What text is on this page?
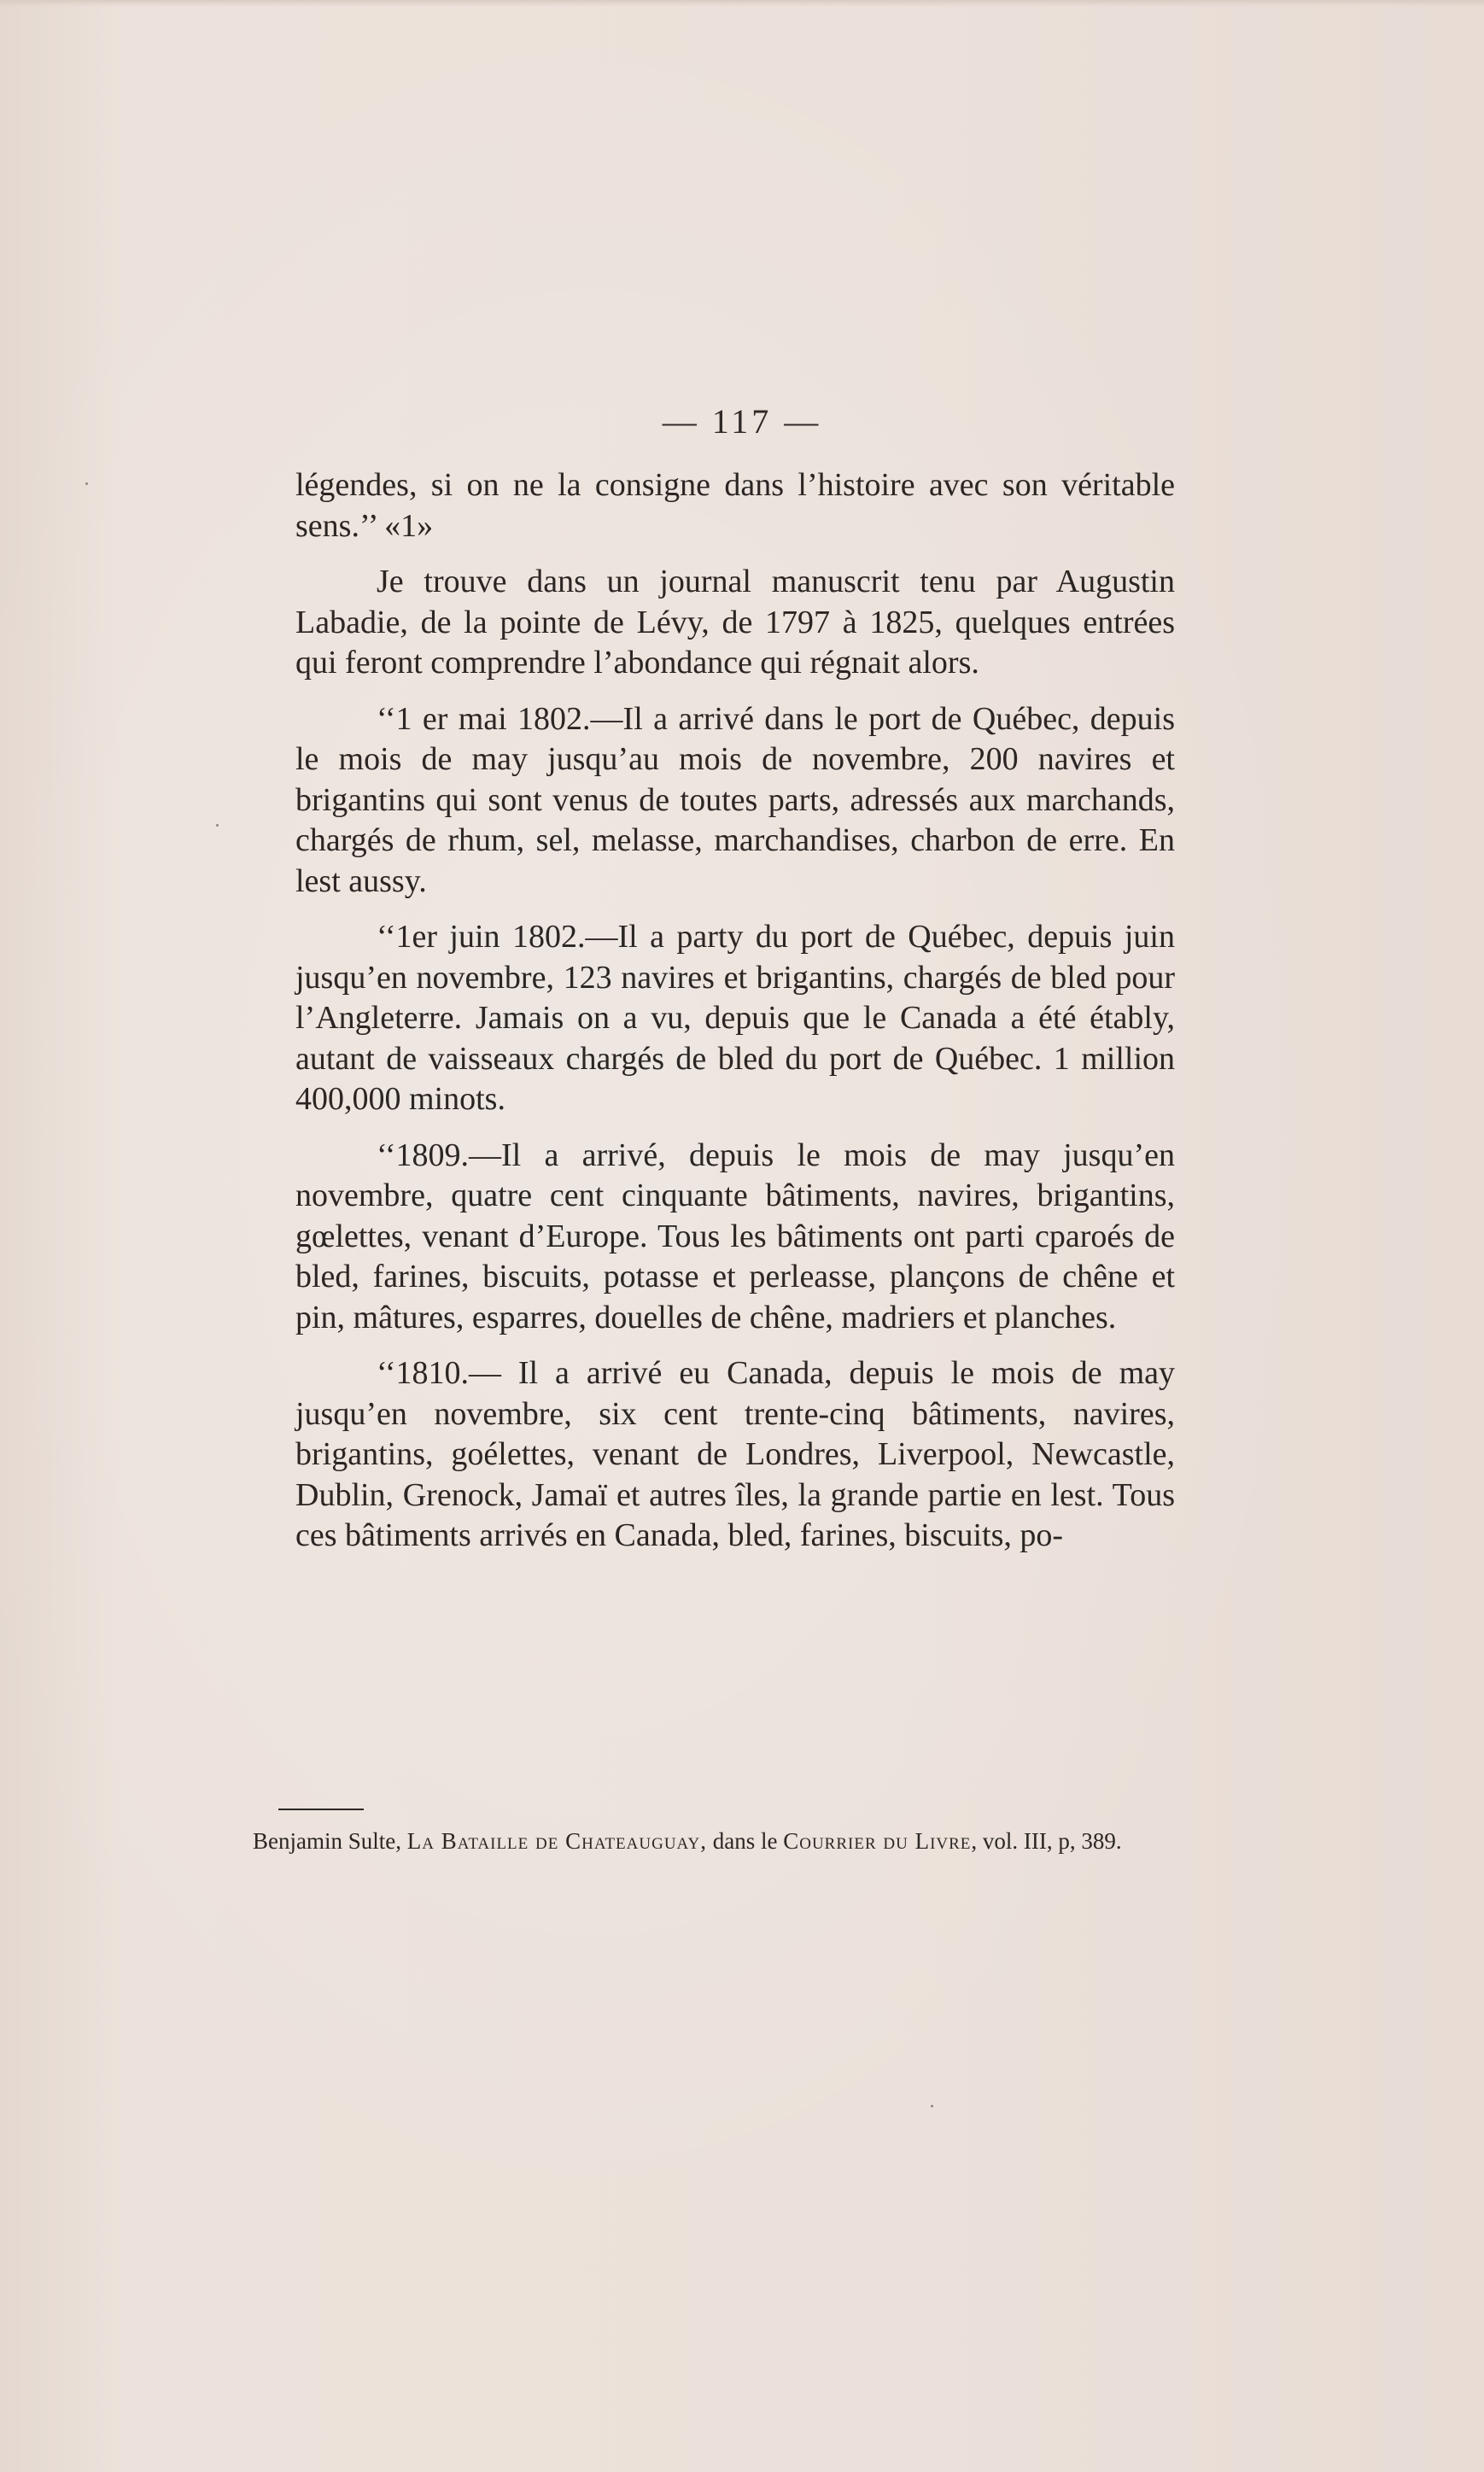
— 117 —

légendes, si on ne la consigne dans l’histoire avec son véritable sens.’’ «1»

Je trouve dans un journal manuscrit tenu par Augustin Labadie, de la pointe de Lévy, de 1797 à 1825, quelques entrées qui feront comprendre l’abondance qui régnait alors.

‘‘1 er mai 1802.—Il a arrivé dans le port de Québec, depuis le mois de may jusqu’au mois de novembre, 200 navires et brigantins qui sont venus de toutes parts, adressés aux marchands, chargés de rhum, sel, melasse, marchandises, charbon de erre. En lest aussy.

‘‘1er juin 1802.—Il a party du port de Québec, depuis juin jusqu’en novembre, 123 navires et brigantins, chargés de bled pour l’Angleterre. Jamais on a vu, depuis que le Canada a été étably, autant de vaisseaux chargés de bled du port de Québec. 1 million 400,000 minots.

‘‘1809.—Il a arrivé, depuis le mois de may jusqu’en novembre, quatre cent cinquante bâtiments, navires, brigantins, gœlettes, venant d’Europe. Tous les bâtiments ont parti cparoés de bled, farines, biscuits, potasse et perleasse, plançons de chêne et pin, mâtures, esparres, douelles de chêne, madriers et planches.

‘‘1810.— Il a arrivé eu Canada, depuis le mois de may jusqu’en novembre, six cent trente-cinq bâtiments, navires, brigantins, goélettes, venant de Londres, Liverpool, Newcastle, Dublin, Grenock, Jamaï et autres îles, la grande partie en lest. Tous ces bâtiments arrivés en Canada, bled, farines, biscuits, po-

Benjamin Sulte, La Bataille de Chateauguay, dans le Courrier du Livre, vol. III, p, 389.
